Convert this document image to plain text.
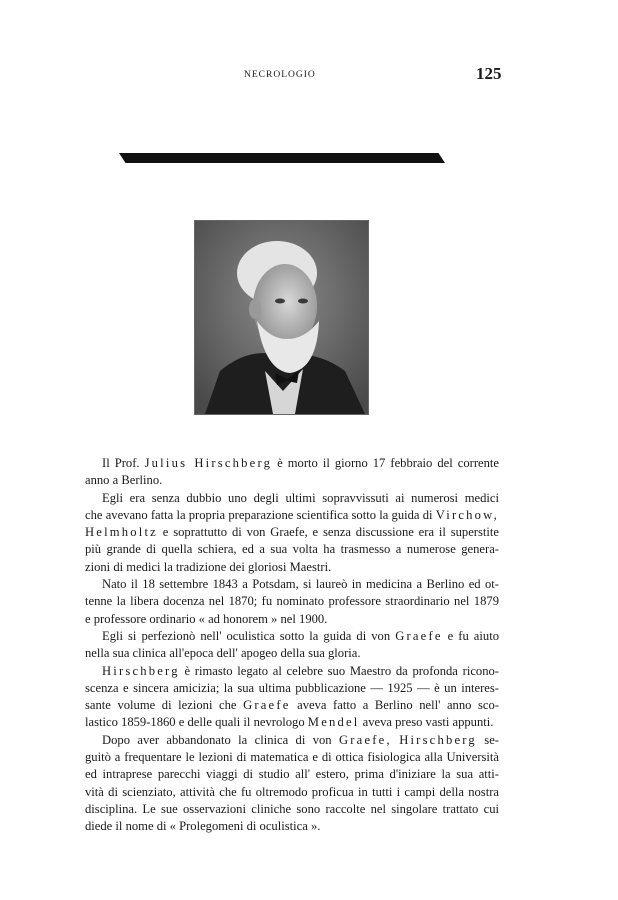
NECROLOGIO	125
Il Prof. Julius Hirschberg è morto il giorno 17 febbraio del corrente
anno a Berlino.
Egli era senza dubbio uno degli ultimi sopravvissuti ai numerosi medici
che avevano fatta la propria preparazione scientifica sotto la guida di Virchow,
Helmholtz e soprattutto di von Graefe, e senza discussione era il superstite
più grande di quella schiera, ed a sua volta ha trasmesso a numerose genera-
zioni di medici la tradizione dei gloriosi Maestri.
Nato il 18 settembre 1843 a Potsdam, si laureò in medicina a Berlino ed ot-
tenne la libera docenza nel 1870; fu nominato professore straordinario nel 1879
e professore ordinario « ad honorem » nel 1900.
Egli si perfezionò nell' oculistica sotto la guida di von Graefe e fu aiuto
nella sua clinica all'epoca dell' apogeo della sua gloria.
Hirschberg è rimasto legato al celebre suo Maestro da profonda ricono-
scenza e sincera amicizia; la sua ultima pubblicazione — 1925 — è un interes-
sante volume di lezioni che Graefe aveva fatto a Berlino nell' anno sco-
lastico 1859-1860 e delle quali il nevrologo Mendel aveva preso vasti appunti.
Dopo aver abbandonato la clinica di von Graefe, Hirschberg se-
guitò a frequentare le lezioni di matematica e di ottica fisiologica alla Università
ed intraprese parecchi viaggi di studio all' estero, prima d'iniziare la sua atti-
vità di scienziato, attività che fu oltremodo proficua in tutti i campi della nostra
disciplina. Le sue osservazioni cliniche sono raccolte nel singolare trattato cui
diede il nome di « Prolegomeni di oculistica ».
